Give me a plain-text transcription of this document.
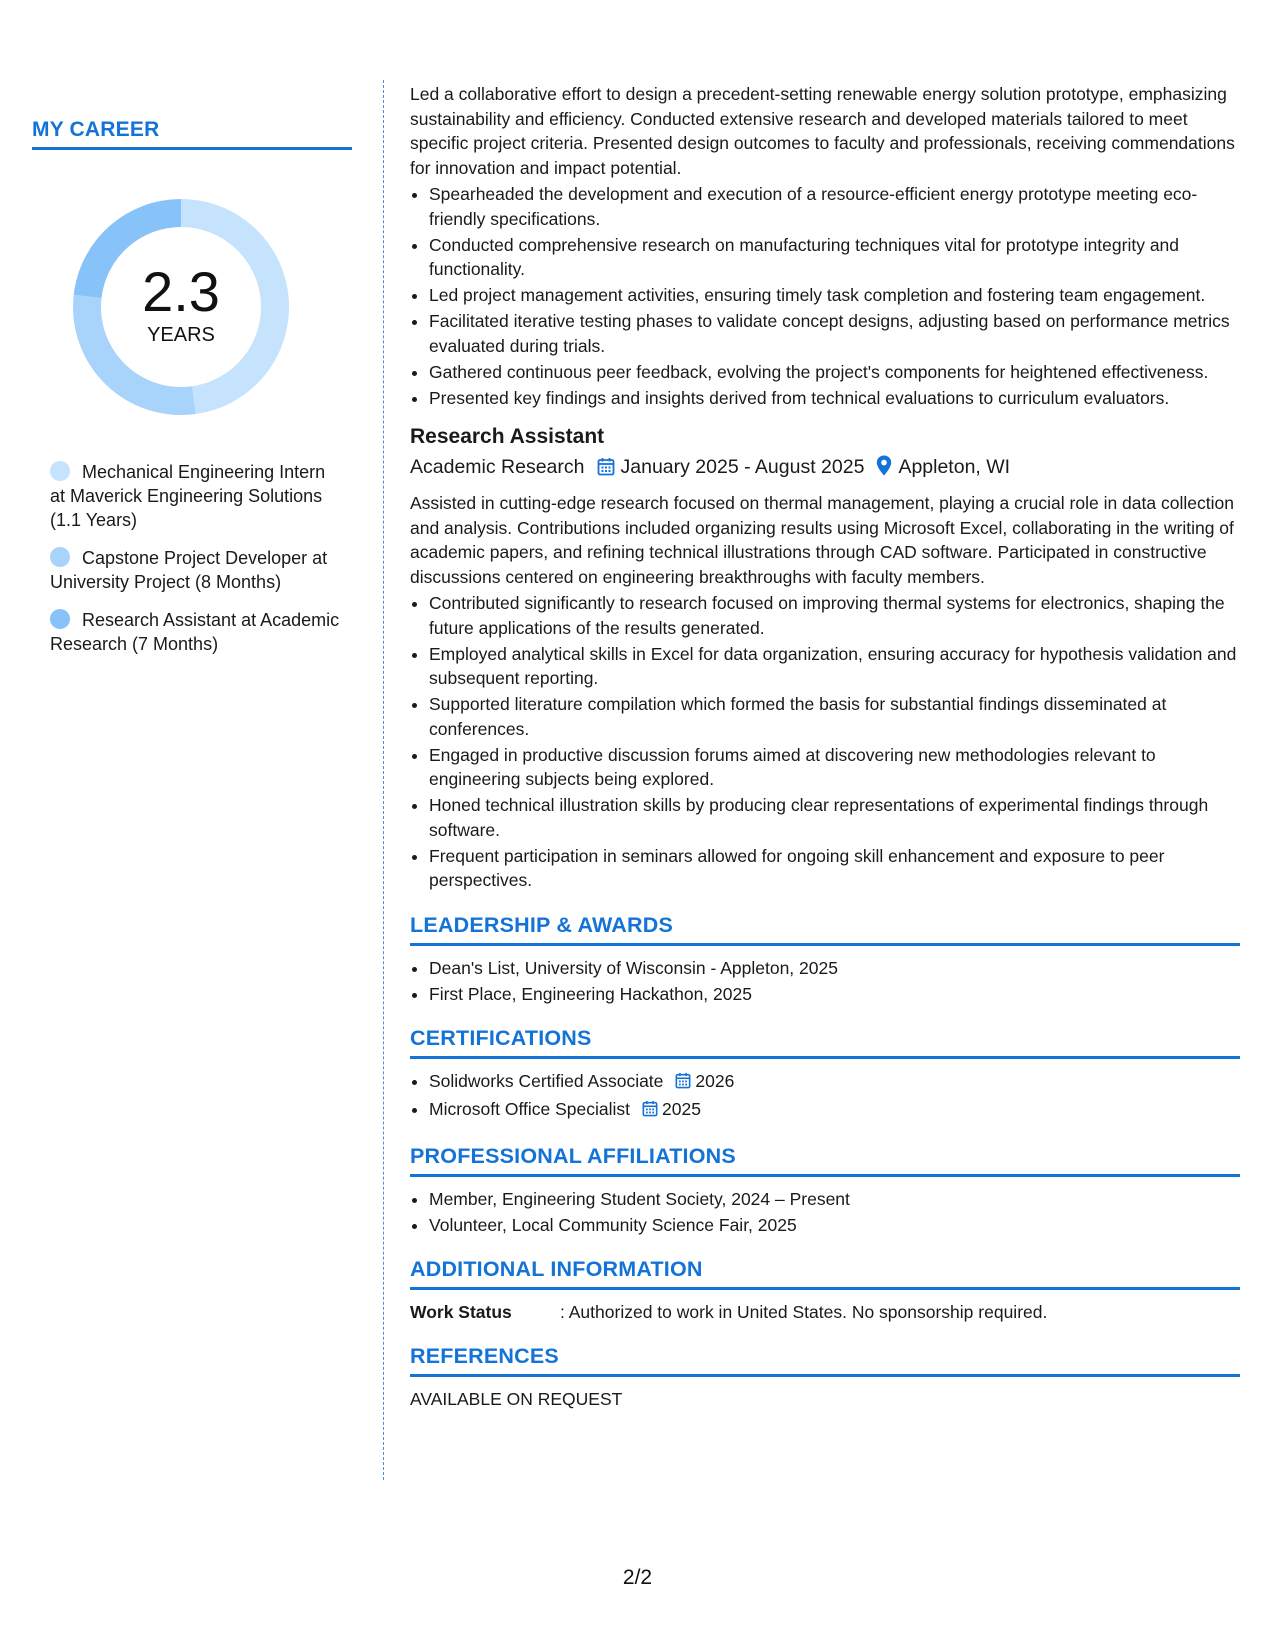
MY CAREER
2.3
YEARS
Mechanical Engineering Intern at Maverick Engineering Solutions (1.1 Years)
Capstone Project Developer at University Project (8 Months)
Research Assistant at Academic Research (7 Months)

Led a collaborative effort to design a precedent-setting renewable energy solution prototype, emphasizing sustainability and efficiency. Conducted extensive research and developed materials tailored to meet specific project criteria. Presented design outcomes to faculty and professionals, receiving commendations for innovation and impact potential.

• Spearheaded the development and execution of a resource-efficient energy prototype meeting eco-friendly specifications.
• Conducted comprehensive research on manufacturing techniques vital for prototype integrity and functionality.
• Led project management activities, ensuring timely task completion and fostering team engagement.
• Facilitated iterative testing phases to validate concept designs, adjusting based on performance metrics evaluated during trials.
• Gathered continuous peer feedback, evolving the project's components for heightened effectiveness.
• Presented key findings and insights derived from technical evaluations to curriculum evaluators.
Research Assistant
Academic Research January 2025 - August 2025 Appleton, WI

Assisted in cutting-edge research focused on thermal management, playing a crucial role in data collection and analysis. Contributions included organizing results using Microsoft Excel, collaborating in the writing of academic papers, and refining technical illustrations through CAD software. Participated in constructive discussions centered on engineering breakthroughs with faculty members.

• Contributed significantly to research focused on improving thermal systems for electronics, shaping the future applications of the results generated.
• Employed analytical skills in Excel for data organization, ensuring accuracy for hypothesis validation and subsequent reporting.
• Supported literature compilation which formed the basis for substantial findings disseminated at conferences.
• Engaged in productive discussion forums aimed at discovering new methodologies relevant to engineering subjects being explored.
• Honed technical illustration skills by producing clear representations of experimental findings through software.
• Frequent participation in seminars allowed for ongoing skill enhancement and exposure to peer perspectives.
LEADERSHIP & AWARDS
• Dean's List, University of Wisconsin - Appleton, 2025
• First Place, Engineering Hackathon, 2025
CERTIFICATIONS
• Solidworks Certified Associate 2026
• Microsoft Office Specialist 2025
PROFESSIONAL AFFILIATIONS
• Member, Engineering Student Society, 2024 – Present
• Volunteer, Local Community Science Fair, 2025
ADDITIONAL INFORMATION
Work Status	: Authorized to work in United States. No sponsorship required.
REFERENCES
AVAILABLE ON REQUEST
2/2
